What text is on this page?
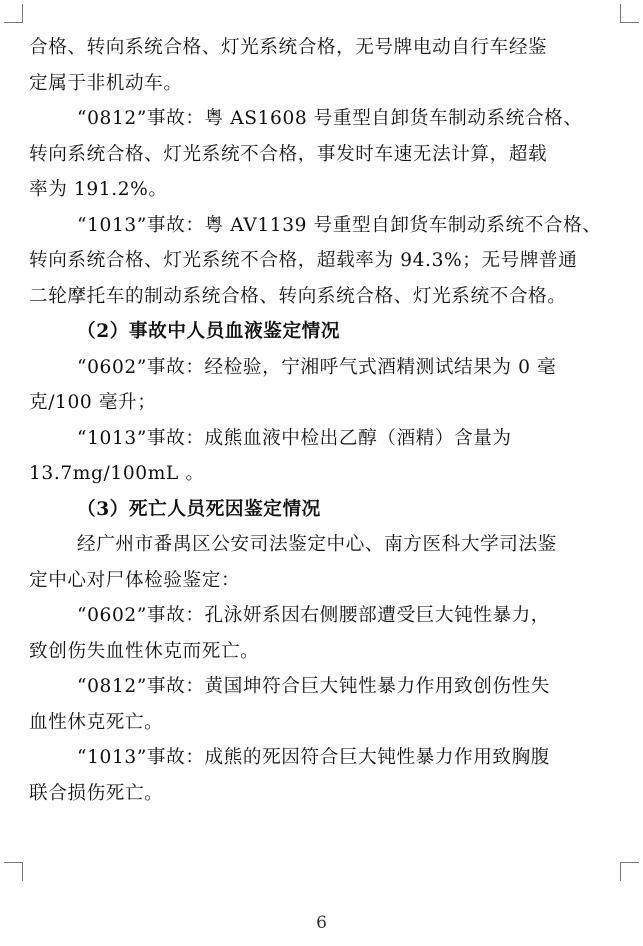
合格、转向系统合格、灯光系统合格，无号牌电动自行车经鉴
定属于非机动车。
“0812”事故：粤 AS1608 号重型自卸货车制动系统合格、
转向系统合格、灯光系统不合格，事发时车速无法计算，超载
率为 191.2%。
“1013”事故：粤 AV1139 号重型自卸货车制动系统不合格、
转向系统合格、灯光系统不合格，超载率为 94.3%；无号牌普通
二轮摩托车的制动系统合格、转向系统合格、灯光系统不合格。
（2）事故中人员血液鉴定情况
“0602”事故：经检验，宁湘呼气式酒精测试结果为 0 毫
克/100 毫升；
“1013”事故：成熊血液中检出乙醇（酒精）含量为
13.7mg/100mL 。
（3）死亡人员死因鉴定情况
经广州市番禺区公安司法鉴定中心、南方医科大学司法鉴
定中心对尸体检验鉴定：
“0602”事故：孔泳妍系因右侧腰部遭受巨大钝性暴力，
致创伤失血性休克而死亡。
“0812”事故：黄国坤符合巨大钝性暴力作用致创伤性失
血性休克死亡。
“1013”事故：成熊的死因符合巨大钝性暴力作用致胸腹
联合损伤死亡。
6
